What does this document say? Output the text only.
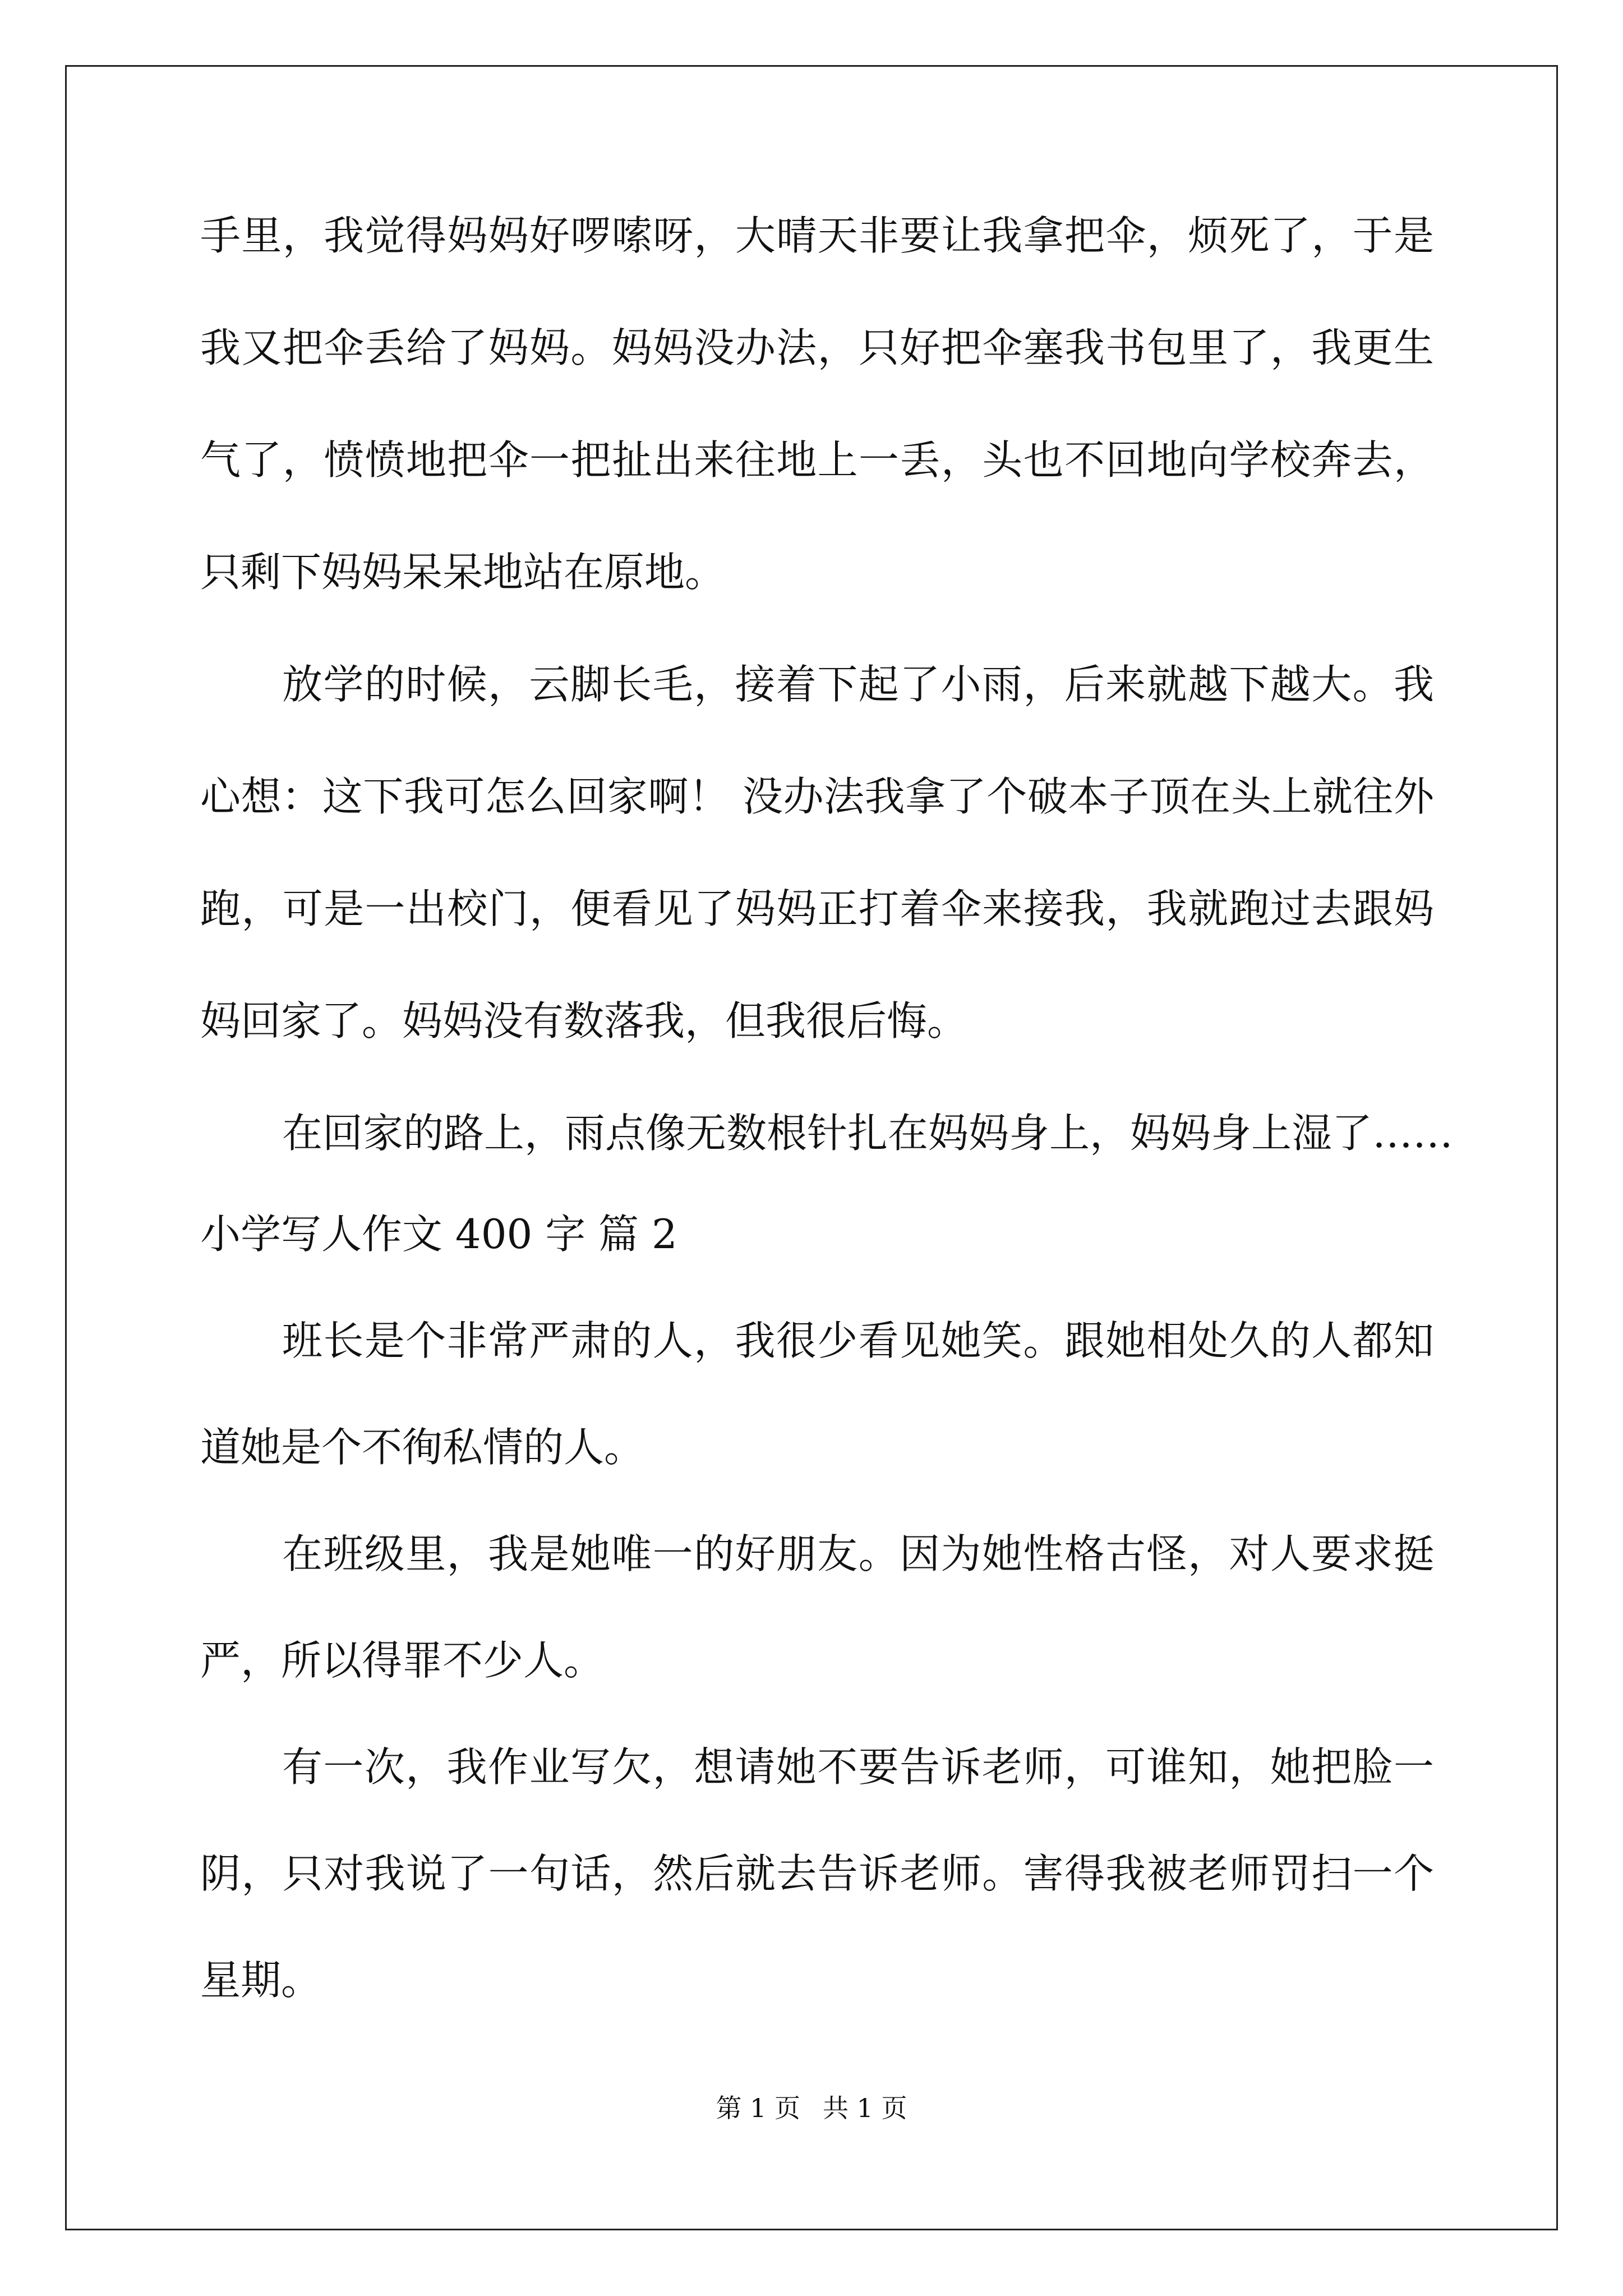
手里，我觉得妈妈好啰嗦呀，大晴天非要让我拿把伞，烦死了，于是
我又把伞丢给了妈妈。妈妈没办法，只好把伞塞我书包里了，我更生
气了，愤愤地把伞一把扯出来往地上一丢，头也不回地向学校奔去，
只剩下妈妈呆呆地站在原地。
放学的时候，云脚长毛，接着下起了小雨，后来就越下越大。我
心想：这下我可怎么回家啊！ 没办法我拿了个破本子顶在头上就往外
跑，可是一出校门，便看见了妈妈正打着伞来接我，我就跑过去跟妈
妈回家了。妈妈没有数落我，但我很后悔。
在回家的路上，雨点像无数根针扎在妈妈身上，妈妈身上湿了……
小学写人作文 400 字 篇 2
班长是个非常严肃的人，我很少看见她笑。跟她相处久的人都知
道她是个不徇私情的人。
在班级里，我是她唯一的好朋友。因为她性格古怪，对人要求挺
严，所以得罪不少人。
有一次，我作业写欠，想请她不要告诉老师，可谁知，她把脸一
阴，只对我说了一句话，然后就去告诉老师。害得我被老师罚扫一个
星期。
第 1 页 共 1 页
